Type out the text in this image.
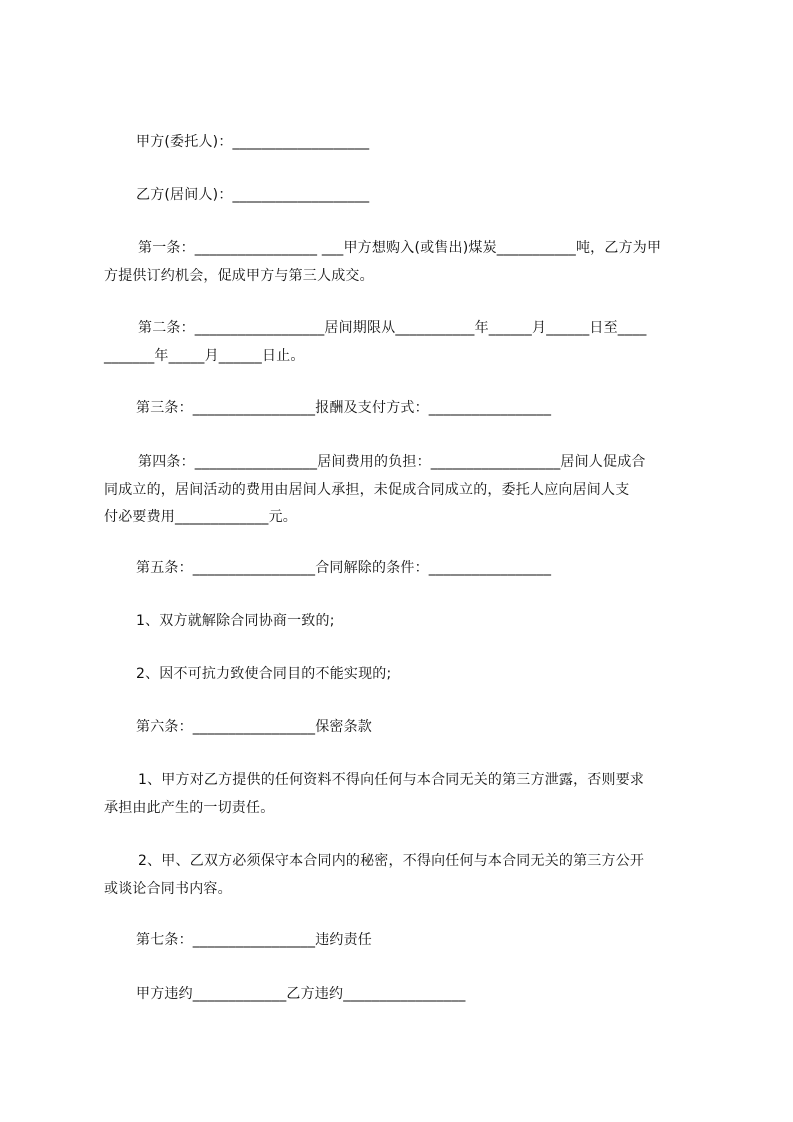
甲方(委托人)：___________________
乙方(居间人)：___________________
第一条：_________________ ___甲方想购入(或售出)煤炭___________吨，乙方为甲
方提供订约机会，促成甲方与第三人成交。
第二条：__________________居间期限从___________年______月______日至____
_______年_____月______日止。
第三条：_________________报酬及支付方式：_________________
第四条：_________________居间费用的负担：__________________居间人促成合
同成立的，居间活动的费用由居间人承担，未促成合同成立的，委托人应向居间人支
付必要费用_____________元。
第五条：_________________合同解除的条件：_________________
1、双方就解除合同协商一致的;
2、因不可抗力致使合同目的不能实现的;
第六条：_________________保密条款
1、甲方对乙方提供的任何资料不得向任何与本合同无关的第三方泄露，否则要求
承担由此产生的一切责任。
2、甲、乙双方必须保守本合同内的秘密，不得向任何与本合同无关的第三方公开
或谈论合同书内容。
第七条：_________________违约责任
甲方违约_____________乙方违约_________________
